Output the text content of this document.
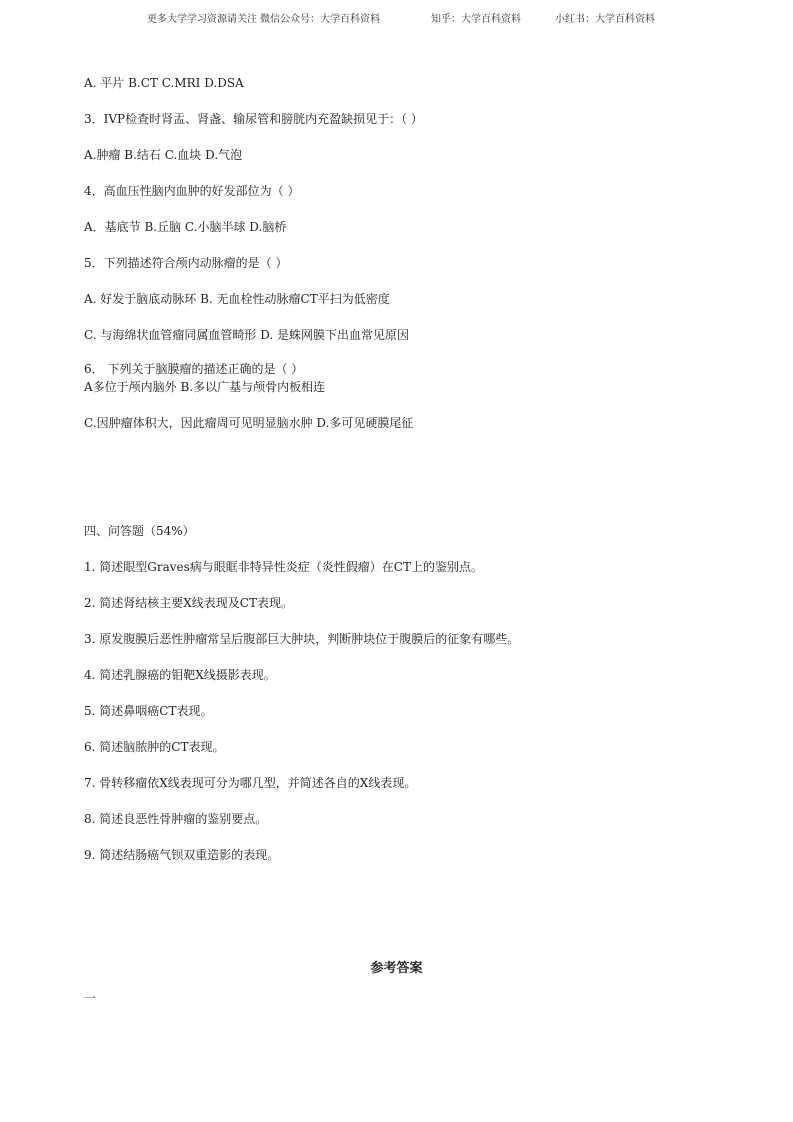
更多大学学习资源请关注 微信公众号：大学百科资料	知乎：大学百科资料	小红书：大学百科资料
A. 平片 B.CT C.MRI D.DSA
3．IVP检查时肾盂、肾盏、输尿管和膀胱内充盈缺损见于：（ ）
A.肿瘤 B.结石 C.血块 D.气泡
4．高血压性脑内血肿的好发部位为（ ）
A．基底节 B.丘脑 C.小脑半球 D.脑桥
5．下列描述符合颅内动脉瘤的是（ ）
A. 好发于脑底动脉环 B. 无血栓性动脉瘤CT平扫为低密度
C. 与海绵状血管瘤同属血管畸形 D. 是蛛网膜下出血常见原因
6． 下列关于脑膜瘤的描述正确的是（ ）
A多位于颅内脑外 B.多以广基与颅骨内板相连
C.因肿瘤体积大，因此瘤周可见明显脑水肿 D.多可见硬膜尾征
四、问答题（54%）
1. 简述眼型Graves病与眼眶非特异性炎症（炎性假瘤）在CT上的鉴别点。
2. 简述肾结核主要X线表现及CT表现。
3. 原发腹膜后恶性肿瘤常呈后腹部巨大肿块，判断肿块位于腹膜后的征象有哪些。
4. 简述乳腺癌的钼靶X线摄影表现。
5. 简述鼻咽癌CT表现。
6. 简述脑脓肿的CT表现。
7. 骨转移瘤依X线表现可分为哪几型，并简述各自的X线表现。
8. 简述良恶性骨肿瘤的鉴别要点。
9. 简述结肠癌气钡双重造影的表现。
参考答案
一
